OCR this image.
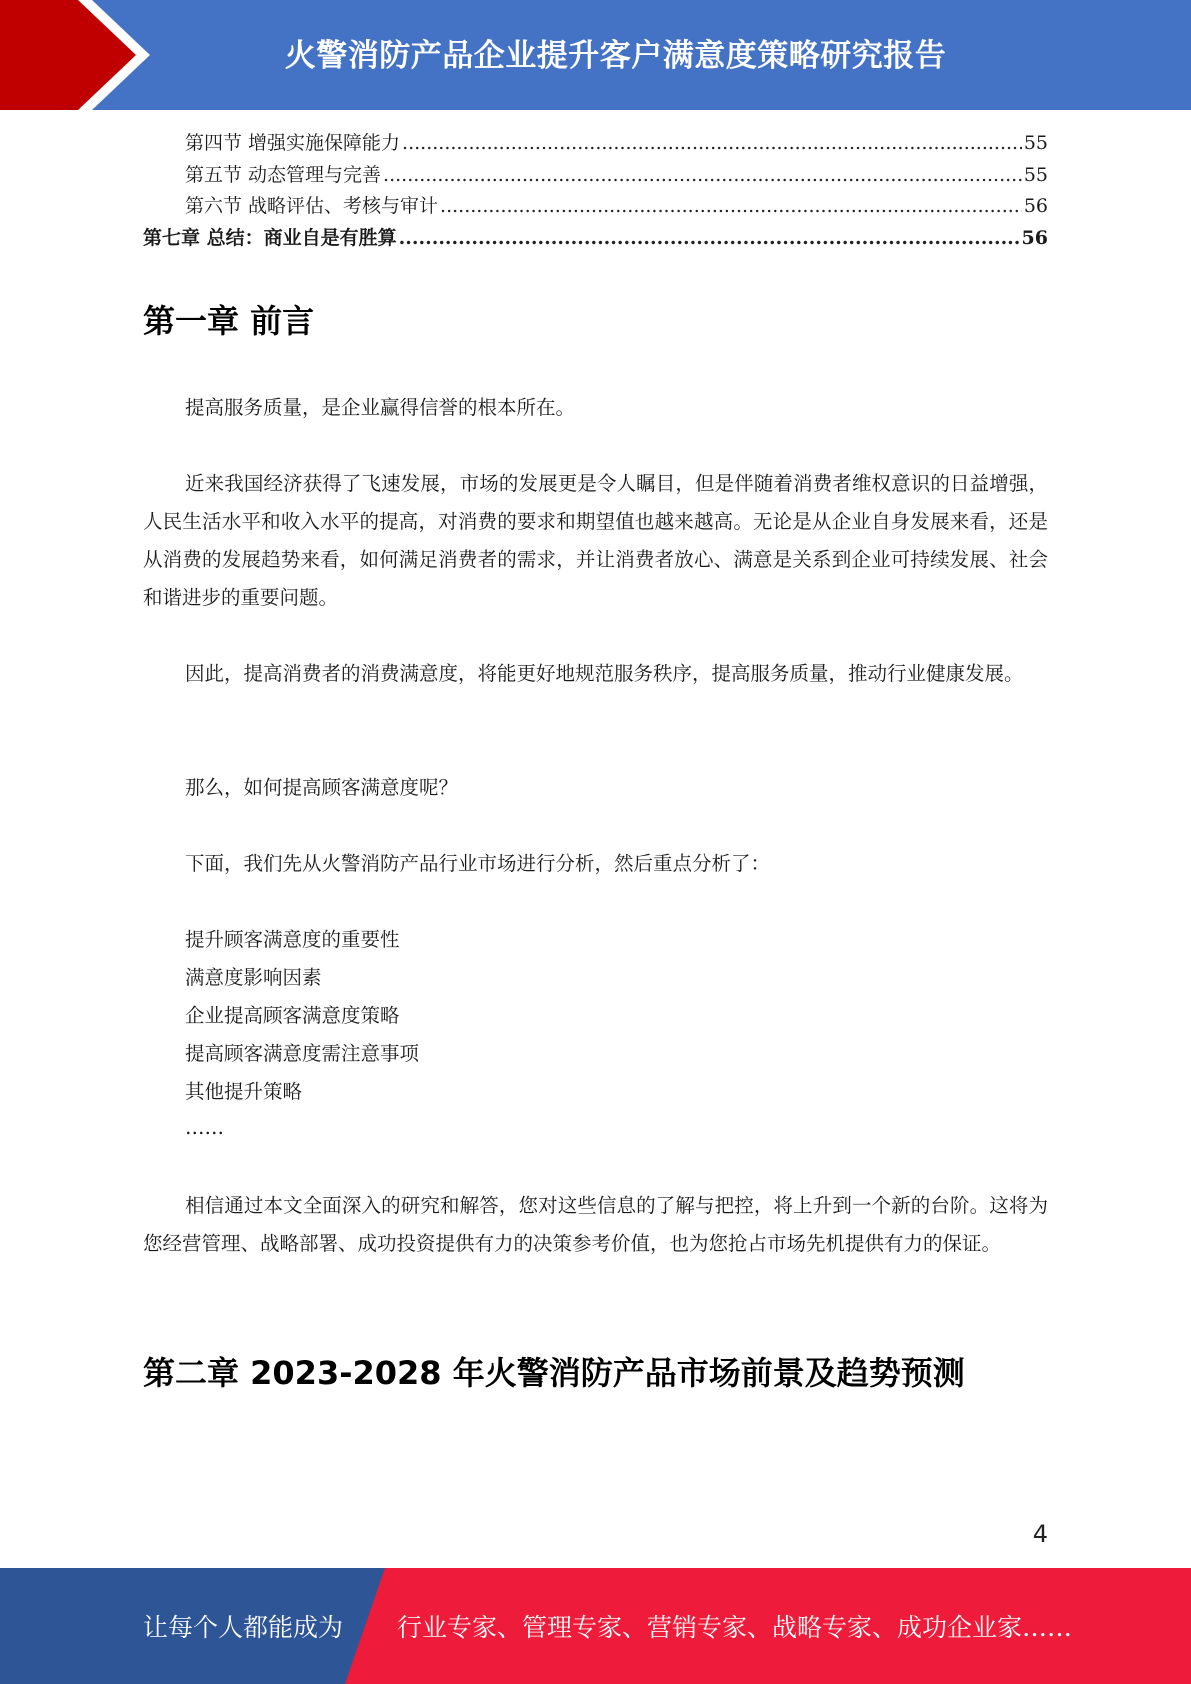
火警消防产品企业提升客户满意度策略研究报告
第四节 增强实施保障能力 .....	55
第五节 动态管理与完善 .....	55
第六节 战略评估、考核与审计 .....	56
第七章 总结：商业自是有胜算 .....	56
第一章 前言

提高服务质量，是企业赢得信誉的根本所在。

近来我国经济获得了飞速发展，市场的发展更是令人瞩目，但是伴随着消费者维权意识的日益增强，人民生活水平和收入水平的提高，对消费的要求和期望值也越来越高。无论是从企业自身发展来看，还是从消费的发展趋势来看，如何满足消费者的需求，并让消费者放心、满意是关系到企业可持续发展、社会和谐进步的重要问题。

因此，提高消费者的消费满意度，将能更好地规范服务秩序，提高服务质量，推动行业健康发展。

那么，如何提高顾客满意度呢？

下面，我们先从火警消防产品行业市场进行分析，然后重点分析了：

提升顾客满意度的重要性
满意度影响因素
企业提高顾客满意度策略
提高顾客满意度需注意事项
其他提升策略
……

相信通过本文全面深入的研究和解答，您对这些信息的了解与把控，将上升到一个新的台阶。这将为您经营管理、战略部署、成功投资提供有力的决策参考价值，也为您抢占市场先机提供有力的保证。

第二章 2023-2028 年火警消防产品市场前景及趋势预测
4
让每个人都能成为 行业专家、管理专家、营销专家、战略专家、成功企业家……
